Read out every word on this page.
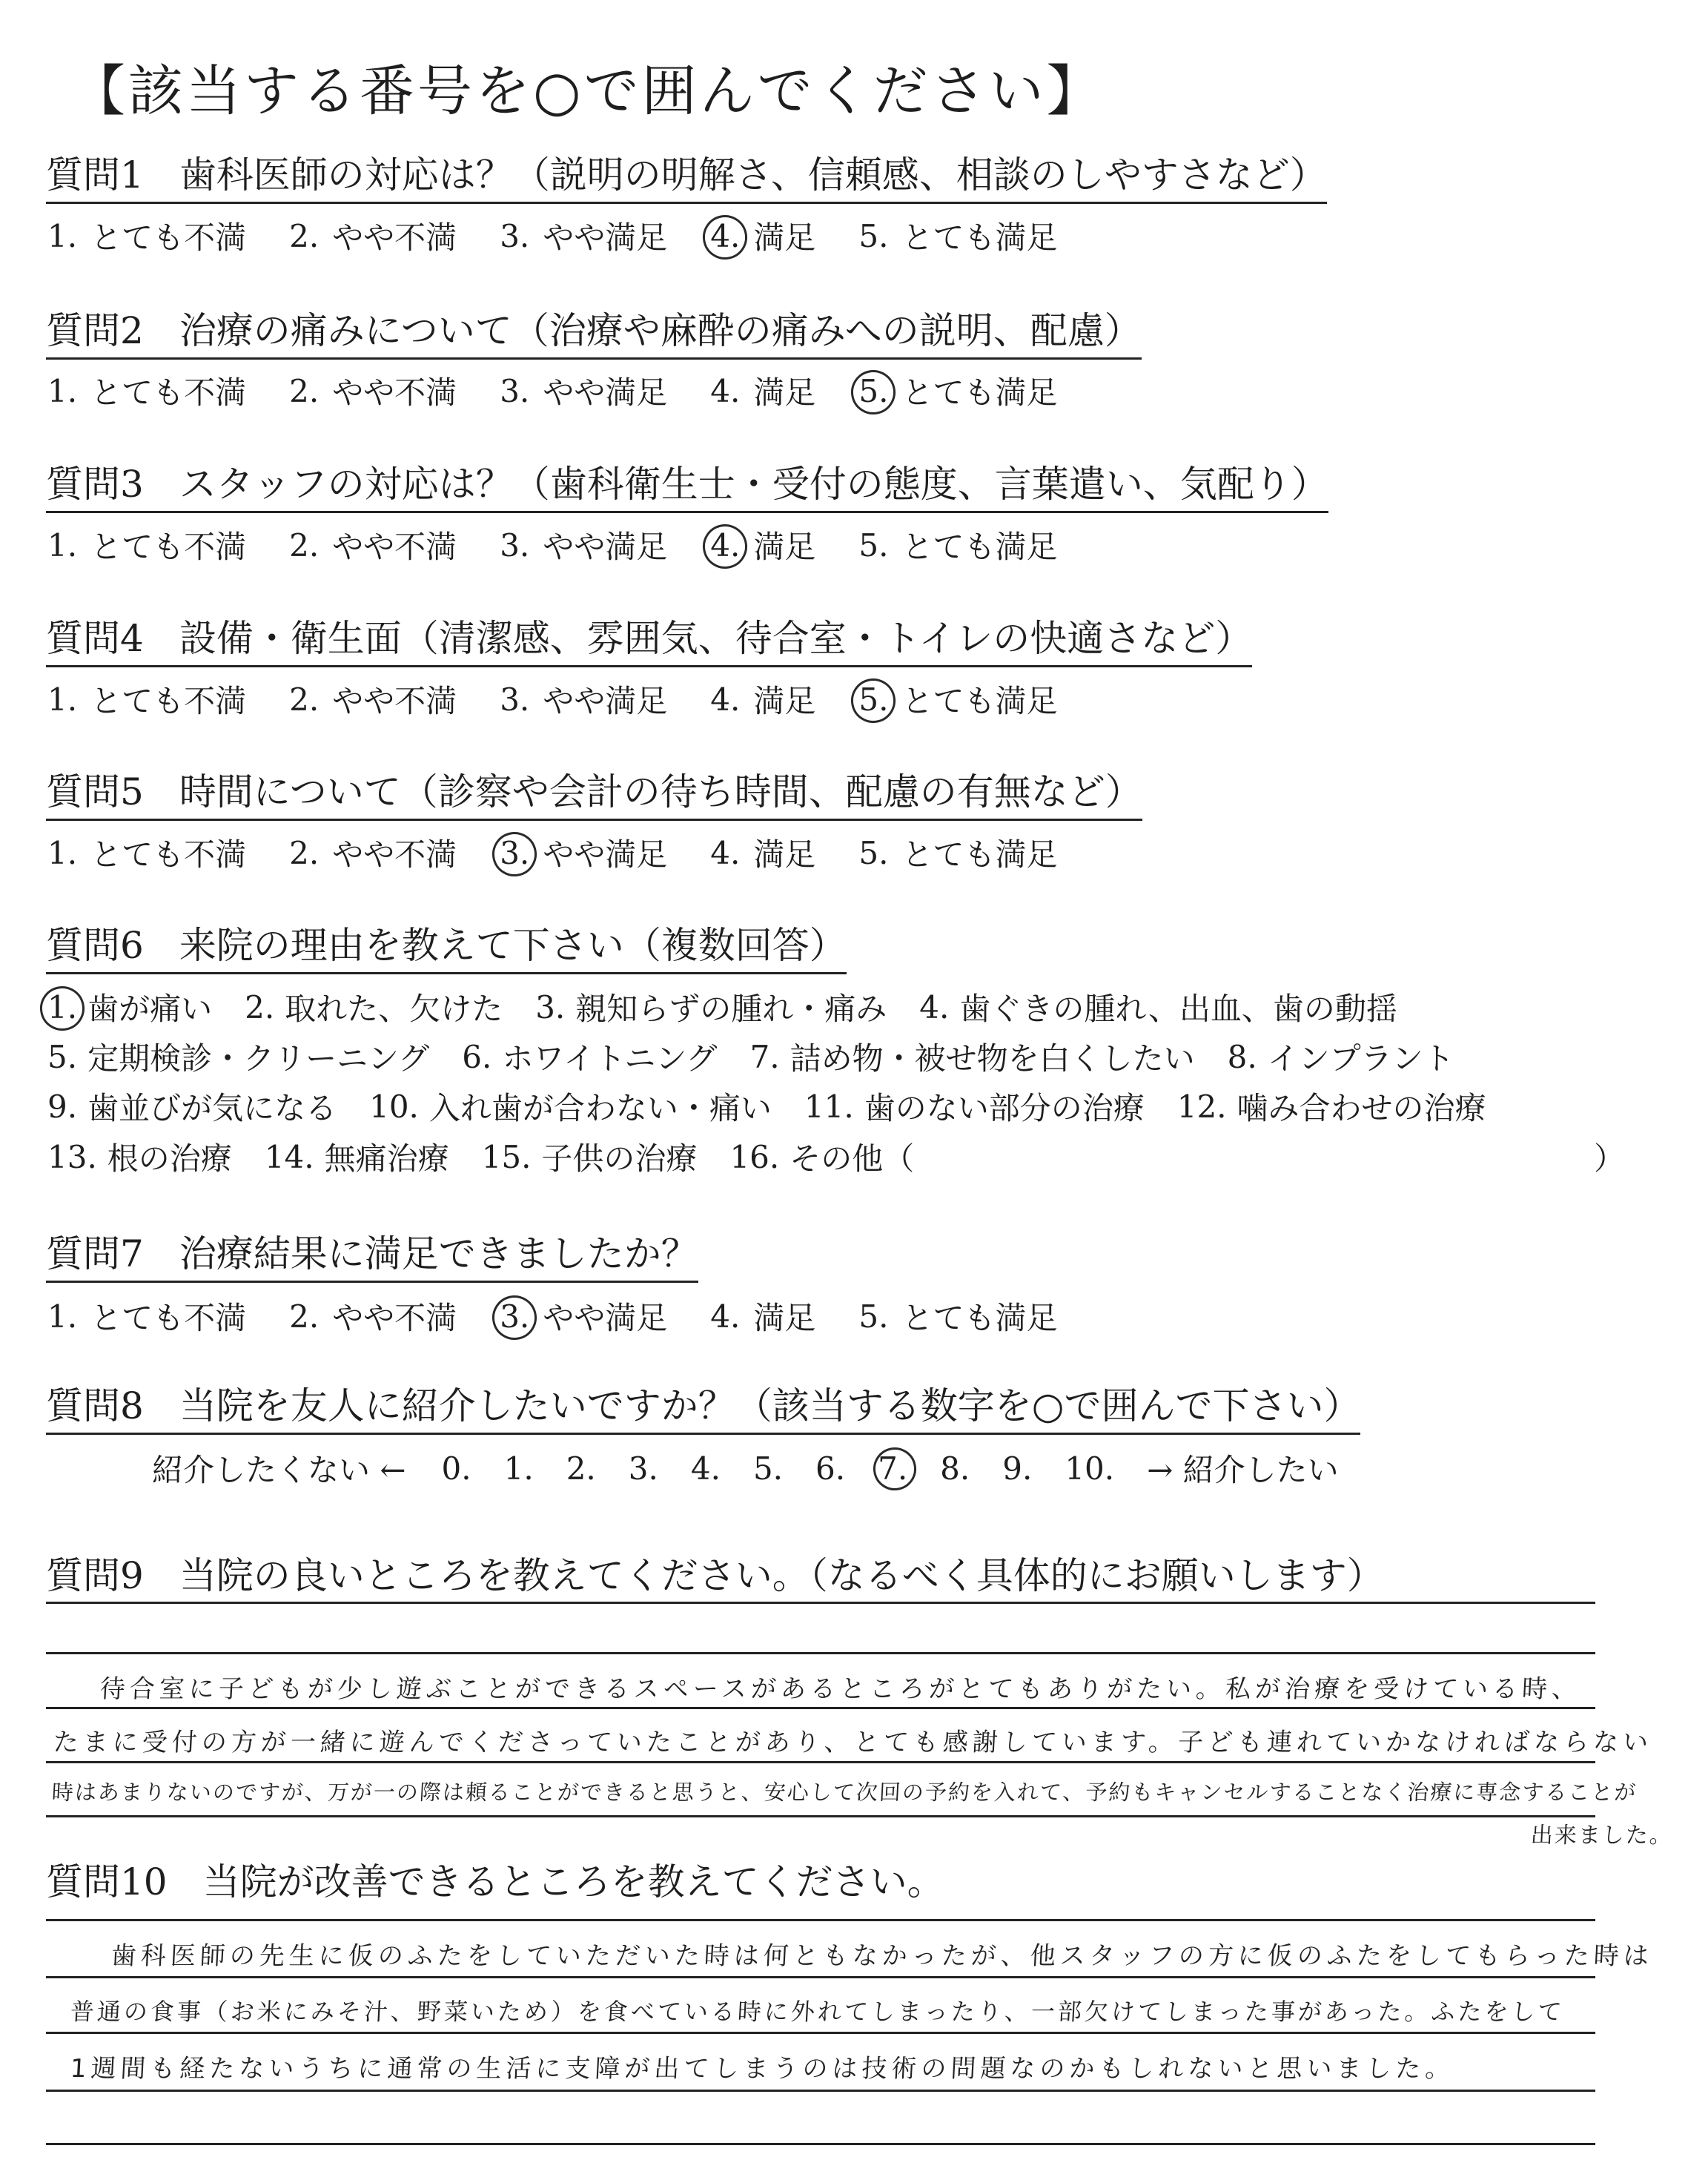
【該当する番号を○で囲んでください】
質問1 歯科医師の対応は？（説明の明解さ、信頼感、相談のしやすさなど）
1. とても不満 2. やや不満 3. やや満足 4. 満足 5. とても満足
質問2 治療の痛みについて（治療や麻酔の痛みへの説明、配慮）
1. とても不満 2. やや不満 3. やや満足 4. 満足 5. とても満足
質問3 スタッフの対応は？（歯科衛生士・受付の態度、言葉遣い、気配り）
1. とても不満 2. やや不満 3. やや満足 4. 満足 5. とても満足
質問4 設備・衛生面（清潔感、雰囲気、待合室・トイレの快適さなど）
1. とても不満 2. やや不満 3. やや満足 4. 満足 5. とても満足
質問5 時間について（診察や会計の待ち時間、配慮の有無など）
1. とても不満 2. やや不満 3. やや満足 4. 満足 5. とても満足
質問6 来院の理由を教えて下さい（複数回答）
1. 歯が痛い 2. 取れた、欠けた 3. 親知らずの腫れ・痛み 4. 歯ぐきの腫れ、出血、歯の動揺
5. 定期検診・クリーニング 6. ホワイトニング 7. 詰め物・被せ物を白くしたい 8. インプラント
9. 歯並びが気になる 10. 入れ歯が合わない・痛い 11. 歯のない部分の治療 12. 噛み合わせの治療
13. 根の治療 14. 無痛治療 15. 子供の治療 16. その他（	）
質問7 治療結果に満足できましたか？
1. とても不満 2. やや不満 3. やや満足 4. 満足 5. とても満足
質問8 当院を友人に紹介したいですか？（該当する数字を○で囲んで下さい）
紹介したくない ← 0. 1. 2. 3. 4. 5. 6. 7. 8. 9. 10. → 紹介したい
質問9 当院の良いところを教えてください。（なるべく具体的にお願いします）
待合室に子どもが少し遊ぶことができるスペースがあるところがとてもありがたい。私が治療を受けている時、
たまに受付の方が一緒に遊んでくださっていたことがあり、とても感謝しています。子ども連れていかなければならない
時はあまりないのですが、万が一の際は頼ることができると思うと、安心して次回の予約を入れて、予約もキャンセルすることなく治療に専念することが
出来ました。
質問10 当院が改善できるところを教えてください。
歯科医師の先生に仮のふたをしていただいた時は何ともなかったが、他スタッフの方に仮のふたをしてもらった時は
普通の食事（お米にみそ汁、野菜いため）を食べている時に外れてしまったり、一部欠けてしまった事があった。ふたをして
1週間も経たないうちに通常の生活に支障が出てしまうのは技術の問題なのかもしれないと思いました。
